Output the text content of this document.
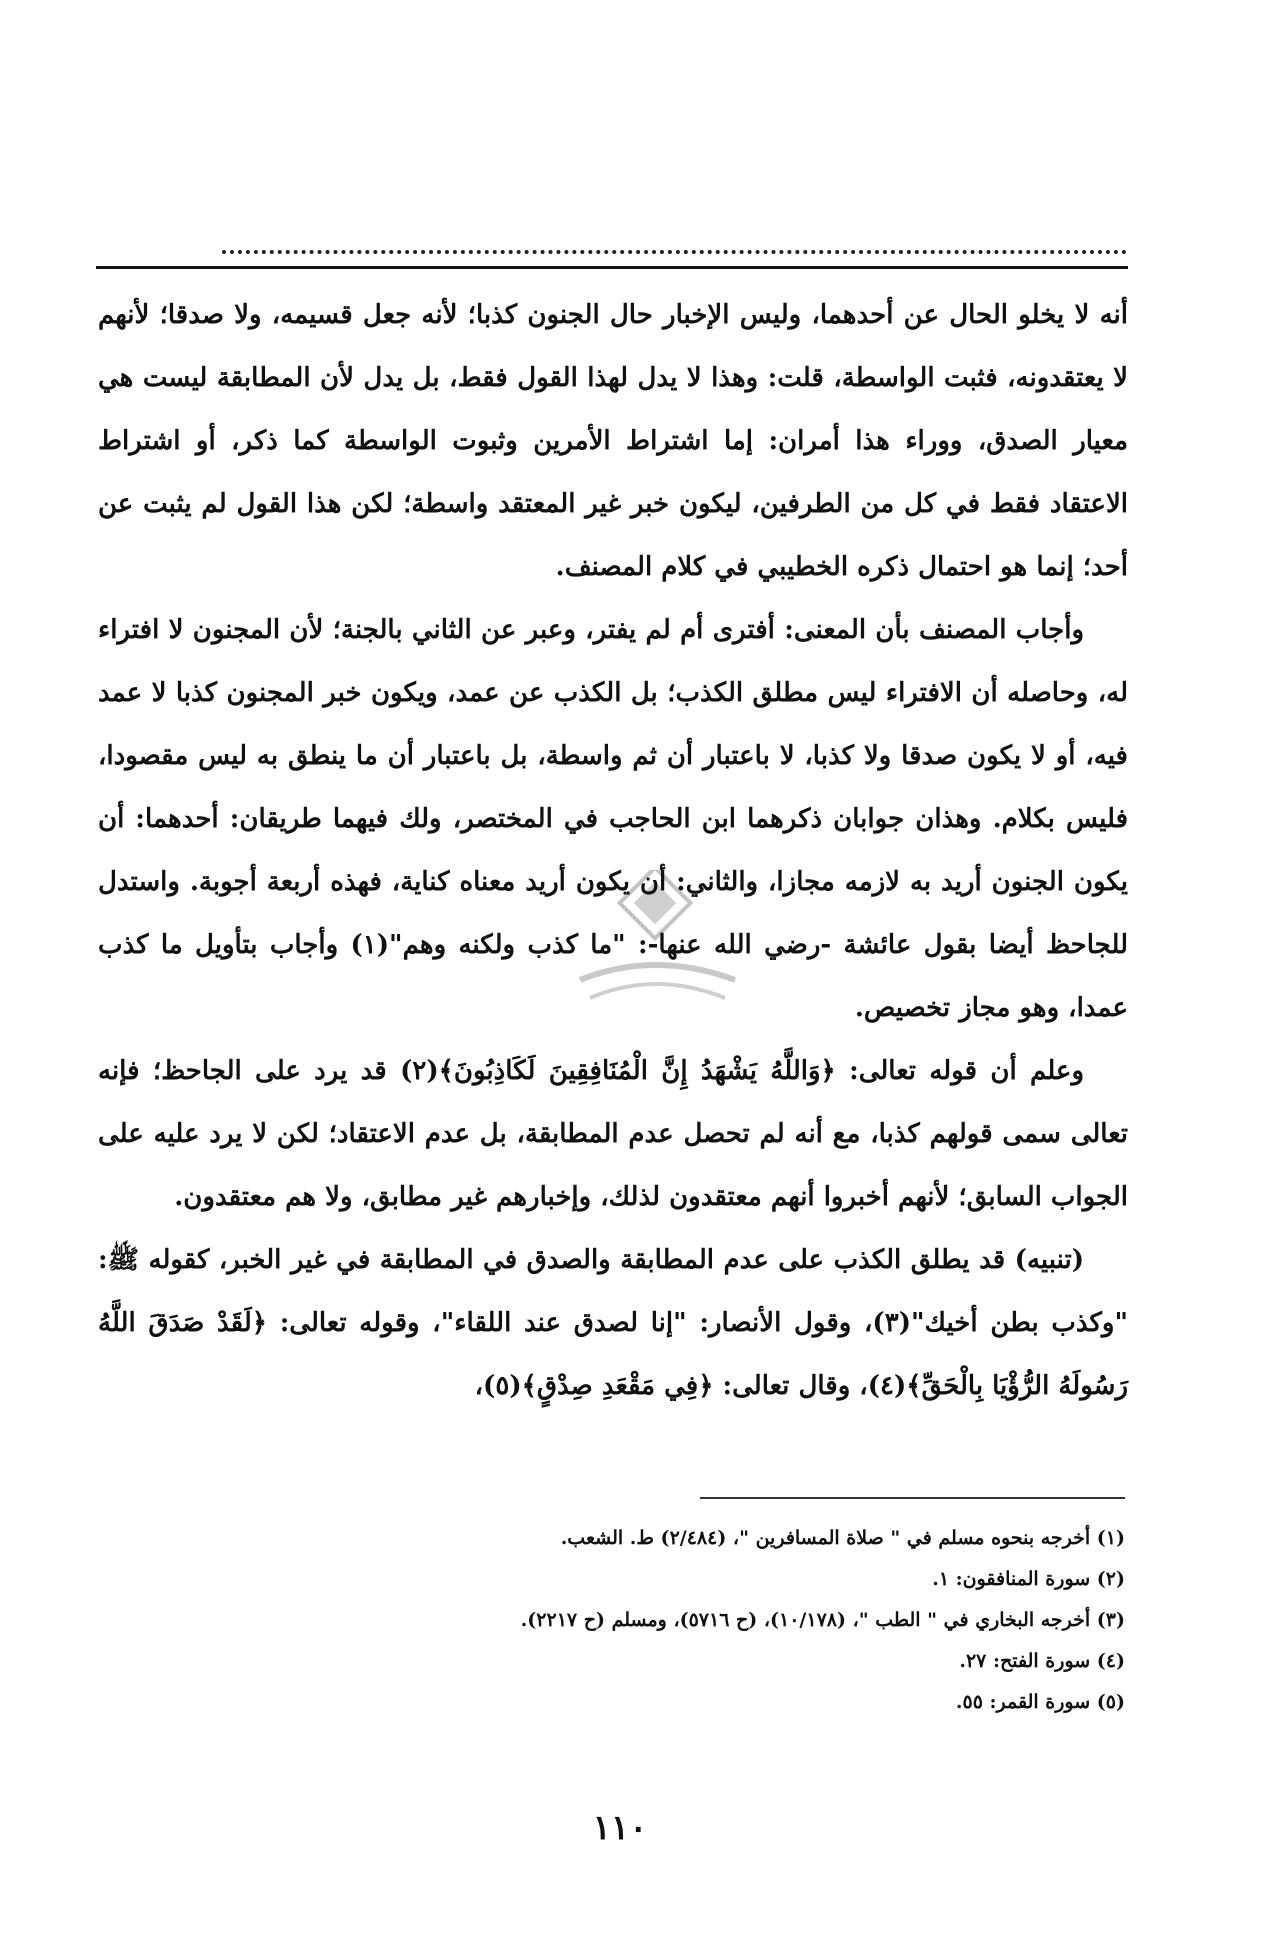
أنه لا يخلو الحال عن أحدهما، وليس الإخبار حال الجنون كذبا؛ لأنه جعل قسيمه، ولا صدقا؛ لأنهم لا يعتقدونه، فثبت الواسطة، قلت: وهذا لا يدل لهذا القول فقط، بل يدل لأن المطابقة ليست هي معيار الصدق، ووراء هذا أمران: إما اشتراط الأمرين وثبوت الواسطة كما ذكر، أو اشتراط الاعتقاد فقط في كل من الطرفين، ليكون خبر غير المعتقد واسطة؛ لكن هذا القول لم يثبت عن أحد؛ إنما هو احتمال ذكره الخطيبي في كلام المصنف.

وأجاب المصنف بأن المعنى: أفترى أم لم يفتر، وعبر عن الثاني بالجنة؛ لأن المجنون لا افتراء له، وحاصله أن الافتراء ليس مطلق الكذب؛ بل الكذب عن عمد، ويكون خبر المجنون كذبا لا عمد فيه، أو لا يكون صدقا ولا كذبا، لا باعتبار أن ثم واسطة، بل باعتبار أن ما ينطق به ليس مقصودا، فليس بكلام. وهذان جوابان ذكرهما ابن الحاجب في المختصر، ولك فيهما طريقان: أحدهما: أن يكون الجنون أريد به لازمه مجازا، والثاني: أن يكون أريد معناه كناية، فهذه أربعة أجوبة. واستدل للجاحظ أيضا بقول عائشة -رضي الله عنها-: "ما كذب ولكنه وهم"(١) وأجاب بتأويل ما كذب عمدا، وهو مجاز تخصيص.

وعلم أن قوله تعالى: ﴿وَاللَّهُ يَشْهَدُ إِنَّ الْمُنَافِقِينَ لَكَاذِبُونَ﴾(٢) قد يرد على الجاحظ؛ فإنه تعالى سمى قولهم كذبا، مع أنه لم تحصل عدم المطابقة، بل عدم الاعتقاد؛ لكن لا يرد عليه على الجواب السابق؛ لأنهم أخبروا أنهم معتقدون لذلك، وإخبارهم غير مطابق، ولا هم معتقدون.

(تنبيه) قد يطلق الكذب على عدم المطابقة والصدق في المطابقة في غير الخبر، كقوله ﷺ: "وكذب بطن أخيك"(٣)، وقول الأنصار: "إنا لصدق عند اللقاء"، وقوله تعالى: ﴿لَقَدْ صَدَقَ اللَّهُ رَسُولَهُ الرُّؤْيَا بِالْحَقِّ﴾(٤)، وقال تعالى: ﴿فِي مَقْعَدِ صِدْقٍ﴾(٥)،

(١) أخرجه بنحوه مسلم في " صلاة المسافرين "، (٢/٤٨٤) ط. الشعب.
(٢) سورة المنافقون: ١.
(٣) أخرجه البخاري في " الطب "، (١٠/١٧٨)، (ح ٥٧١٦)، ومسلم (ح ٢٢١٧).
(٤) سورة الفتح: ٢٧.
(٥) سورة القمر: ٥٥.
١١٠
